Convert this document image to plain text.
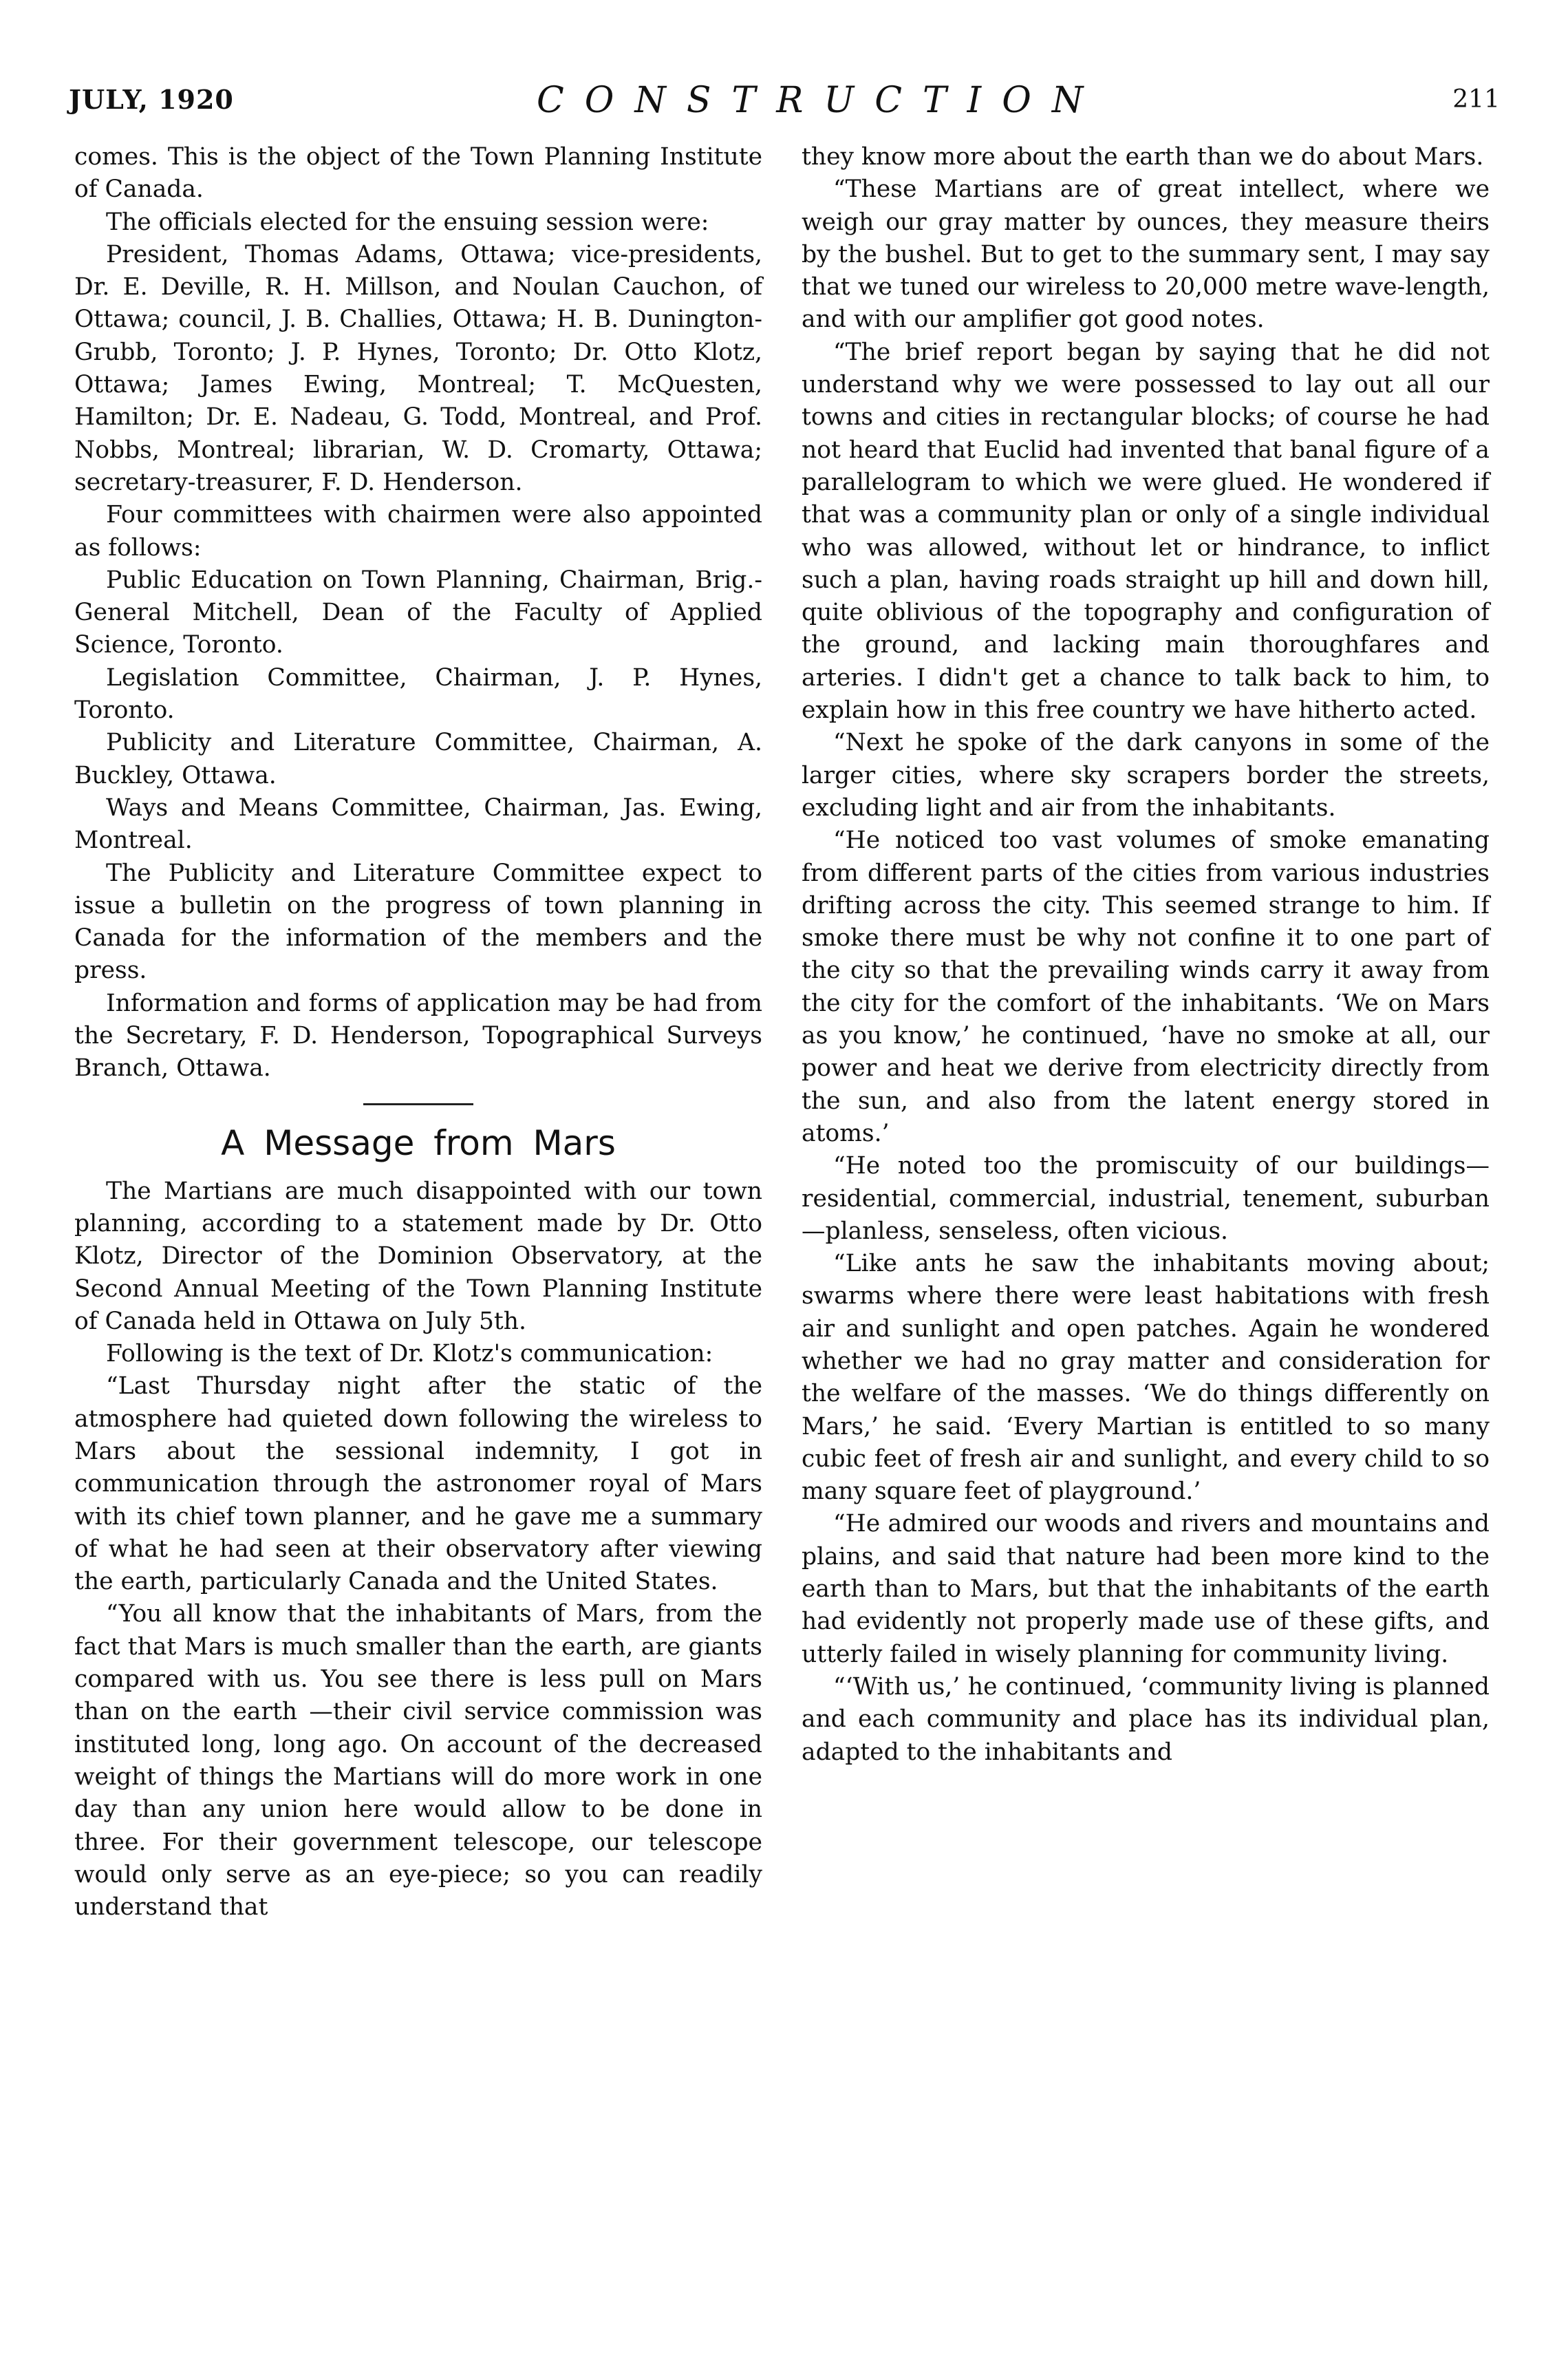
JULY, 1920	CONSTRUCTION	211

comes. This is the object of the Town Planning Institute of Canada.

The officials elected for the ensuing session were:

President, Thomas Adams, Ottawa; vice-presidents, Dr. E. Deville, R. H. Millson, and Noulan Cauchon, of Ottawa; council, J. B. Challies, Ottawa; H. B. Dunington-Grubb, Toronto; J. P. Hynes, Toronto; Dr. Otto Klotz, Ottawa; James Ewing, Montreal; T. McQuesten, Hamilton; Dr. E. Nadeau, G. Todd, Montreal, and Prof. Nobbs, Montreal; librarian, W. D. Cromarty, Ottawa; secretary-treasurer, F. D. Henderson.

Four committees with chairmen were also appointed as follows:

Public Education on Town Planning, Chairman, Brig.-General Mitchell, Dean of the Faculty of Applied Science, Toronto.

Legislation Committee, Chairman, J. P. Hynes, Toronto.

Publicity and Literature Committee, Chairman, A. Buckley, Ottawa.

Ways and Means Committee, Chairman, Jas. Ewing, Montreal.

The Publicity and Literature Committee expect to issue a bulletin on the progress of town planning in Canada for the information of the members and the press.

Information and forms of application may be had from the Secretary, F. D. Henderson, Topographical Surveys Branch, Ottawa.

A Message from Mars

The Martians are much disappointed with our town planning, according to a statement made by Dr. Otto Klotz, Director of the Dominion Observatory, at the Second Annual Meeting of the Town Planning Institute of Canada held in Ottawa on July 5th.

Following is the text of Dr. Klotz's communication:

“Last Thursday night after the static of the atmosphere had quieted down following the wireless to Mars about the sessional indemnity, I got in communication through the astronomer royal of Mars with its chief town planner, and he gave me a summary of what he had seen at their observatory after viewing the earth, particularly Canada and the United States.

“You all know that the inhabitants of Mars, from the fact that Mars is much smaller than the earth, are giants compared with us. You see there is less pull on Mars than on the earth —their civil service commission was instituted long, long ago. On account of the decreased weight of things the Martians will do more work in one day than any union here would allow to be done in three. For their government telescope, our telescope would only serve as an eye-piece; so you can readily understand that

they know more about the earth than we do about Mars.

“These Martians are of great intellect, where we weigh our gray matter by ounces, they measure theirs by the bushel. But to get to the summary sent, I may say that we tuned our wireless to 20,000 metre wave-length, and with our amplifier got good notes.

“The brief report began by saying that he did not understand why we were possessed to lay out all our towns and cities in rectangular blocks; of course he had not heard that Euclid had invented that banal figure of a parallelogram to which we were glued. He wondered if that was a community plan or only of a single individual who was allowed, without let or hindrance, to inflict such a plan, having roads straight up hill and down hill, quite oblivious of the topography and configuration of the ground, and lacking main thoroughfares and arteries. I didn't get a chance to talk back to him, to explain how in this free country we have hitherto acted.

“Next he spoke of the dark canyons in some of the larger cities, where sky scrapers border the streets, excluding light and air from the inhabitants.

“He noticed too vast volumes of smoke emanating from different parts of the cities from various industries drifting across the city. This seemed strange to him. If smoke there must be why not confine it to one part of the city so that the prevailing winds carry it away from the city for the comfort of the inhabitants. ‘We on Mars as you know,’ he continued, ‘have no smoke at all, our power and heat we derive from electricity directly from the sun, and also from the latent energy stored in atoms.’

“He noted too the promiscuity of our buildings—residential, commercial, industrial, tenement, suburban—planless, senseless, often vicious.

“Like ants he saw the inhabitants moving about; swarms where there were least habitations with fresh air and sunlight and open patches. Again he wondered whether we had no gray matter and consideration for the welfare of the masses. ‘We do things differently on Mars,’ he said. ‘Every Martian is entitled to so many cubic feet of fresh air and sunlight, and every child to so many square feet of playground.’

“He admired our woods and rivers and mountains and plains, and said that nature had been more kind to the earth than to Mars, but that the inhabitants of the earth had evidently not properly made use of these gifts, and utterly failed in wisely planning for community living.

“‘With us,’ he continued, ‘community living is planned and each community and place has its individual plan, adapted to the inhabitants and
